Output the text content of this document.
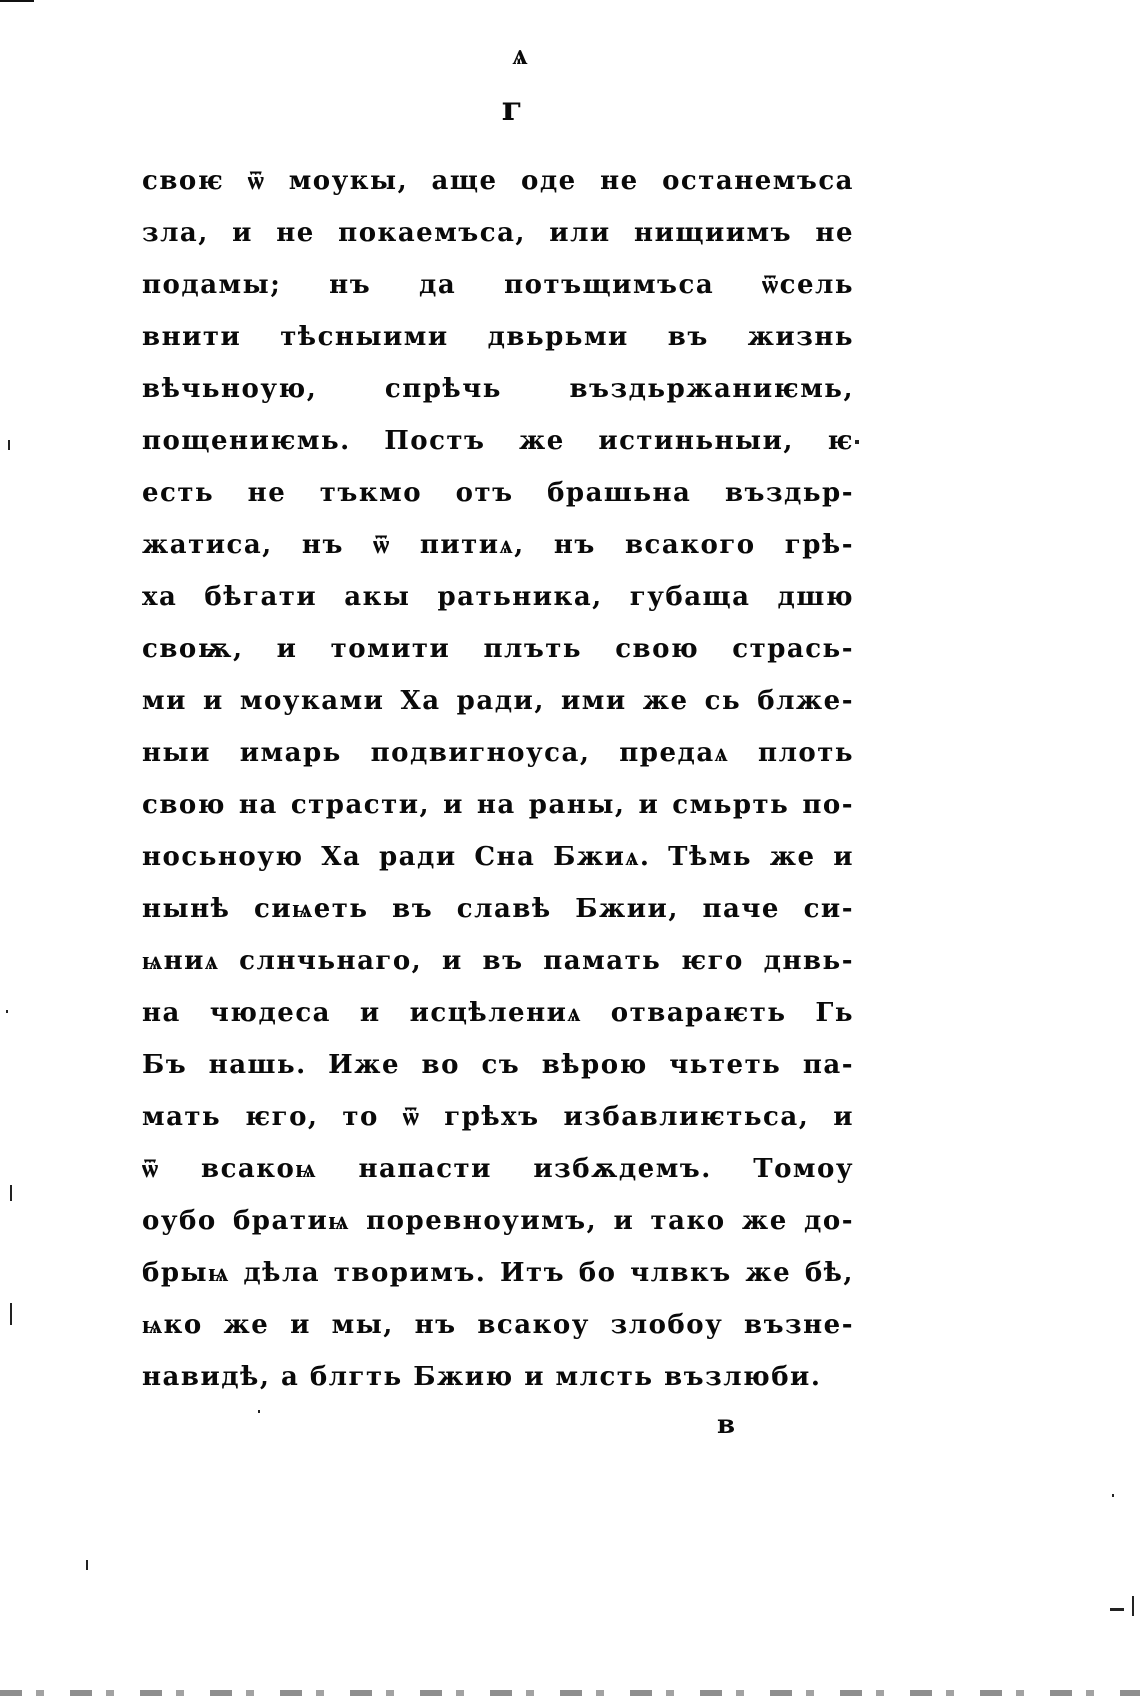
ѧ
г
своѥ ѿ моукы, аще оде не останемъса
зла, и не покаемъса, или нищиимъ не
подамы; нъ да потъщимъса ѿсель
внити тѣсныими двьрьми въ жизнь
вѣчьноую, спрѣчь въздьржаниѥмь,
пощениѥмь. Постъ же истиньныи, ѥ
есть не тъкмо отъ брашьна въздьр-
жатиса, нъ ѿ питиѧ, нъ всакого грѣ-
ха бѣгати акы ратьника, губаща дшю
своѭ, и томити плъть свою стрась-
ми и моуками Ха ради, ими же сь блже-
ныи имарь подвигноуса, предаѧ плоть
свою на страсти, и на раны, и смьрть по-
носьноую Ха ради Сна Бжиѧ. Тѣмь же и
нынѣ сиѩеть въ славѣ Бжии, паче си-
ѩниѧ слнчьнаго, и въ памать ѥго днвь-
на чюдеса и исцѣлениѧ отвараѥть Гь
Бъ нашь. Иже во съ вѣрою чьтеть па-
мать ѥго, то ѿ грѣхъ избавлиѥтьса, и
ѿ всакоѩ напасти избѫдемъ. Томоу
оубо братиѩ поревноуимъ, и тако же до-
брыѩ дѣла творимъ. Итъ бо члвкъ же бѣ,
ѩко же и мы, нъ всакоу злобоу възне-
навидѣ, а блгть Бжию и млсть възлюби.
в
